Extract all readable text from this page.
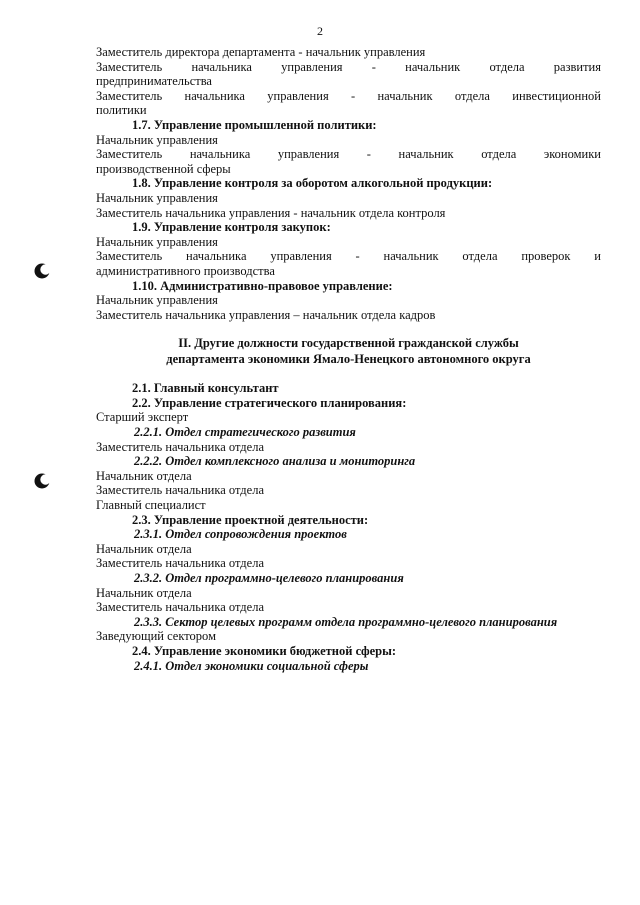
2

Заместитель директора департамента - начальник управления

Заместитель начальника управления - начальник отдела развития

предпринимательства

Заместитель начальника управления - начальник отдела инвестиционной

политики

1.7. Управление промышленной политики:

Начальник управления

Заместитель начальника управления - начальник отдела экономики

производственной сферы

1.8. Управление контроля за оборотом алкогольной продукции:

Начальник управления

Заместитель начальника управления - начальник отдела контроля

1.9. Управление контроля закупок:

Начальник управления

Заместитель начальника управления - начальник отдела проверок и

административного производства

1.10. Административно-правовое управление:

Начальник управления

Заместитель начальника управления – начальник отдела кадров

II. Другие должности государственной гражданской службы

департамента экономики Ямало-Ненецкого автономного округа

2.1. Главный консультант

2.2. Управление стратегического планирования:

Старший эксперт

2.2.1. Отдел стратегического развития

Заместитель начальника отдела

2.2.2. Отдел комплексного анализа и мониторинга

Начальник отдела

Заместитель начальника отдела

Главный специалист

2.3. Управление проектной деятельности:

2.3.1. Отдел сопровождения проектов

Начальник отдела

Заместитель начальника отдела

2.3.2. Отдел программно-целевого планирования

Начальник отдела

Заместитель начальника отдела

2.3.3. Сектор целевых программ отдела программно-целевого планирования

Заведующий сектором

2.4. Управление экономики бюджетной сферы:

2.4.1. Отдел экономики социальной сферы
